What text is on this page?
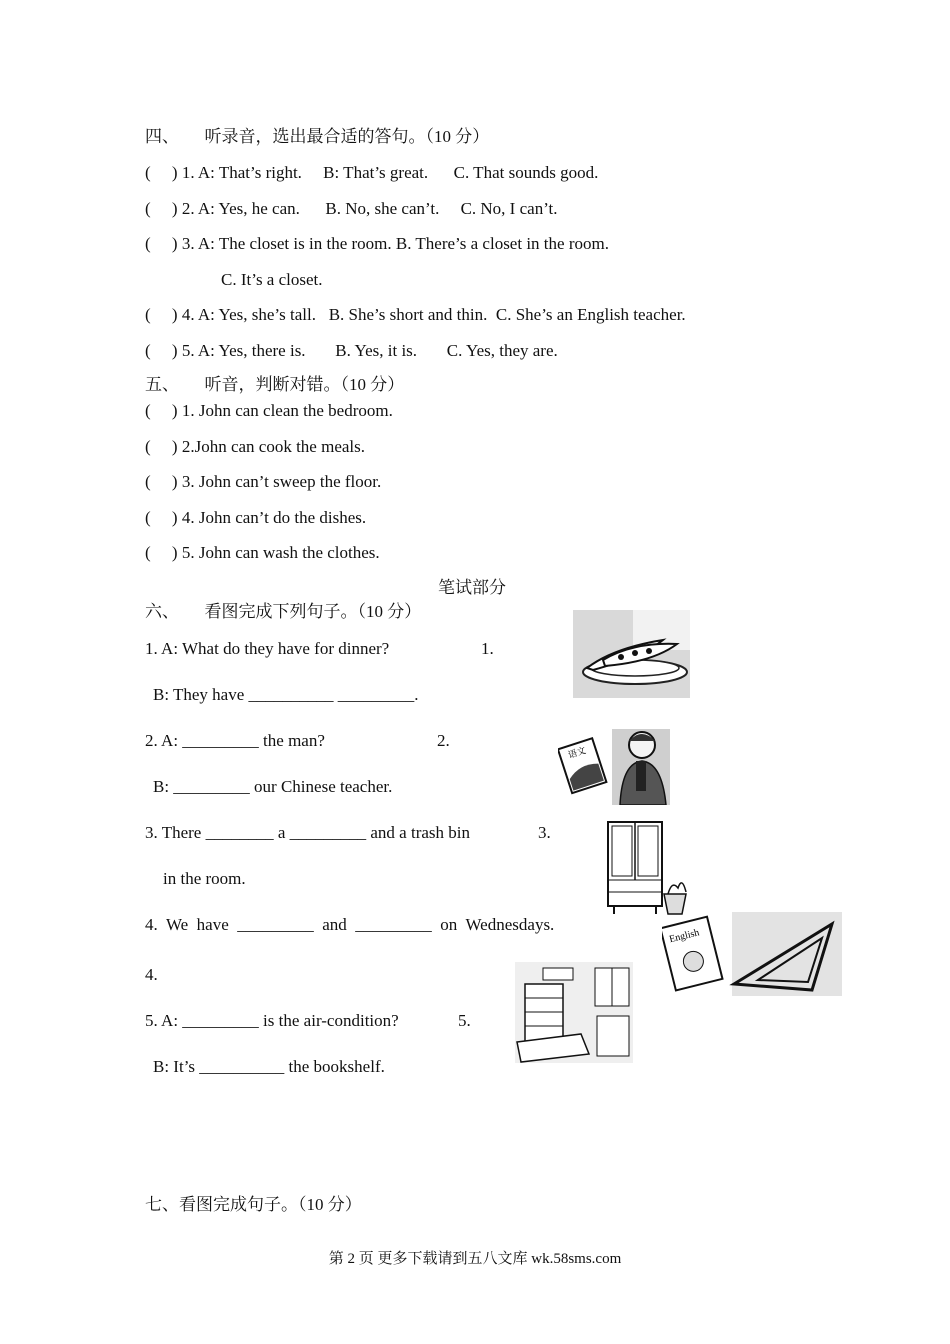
四、      听录音，选出最合适的答句。（10 分）
(     ) 1. A: That’s right.     B: That’s great.      C. That sounds good.
(     ) 2. A: Yes, he can.      B. No, she can’t.     C. No, I can’t.
(     ) 3. A: The closet is in the room. B. There’s a closet in the room.
C. It’s a closet.
(     ) 4. A: Yes, she’s tall.   B. She’s short and thin.  C. She’s an English teacher.
(     ) 5. A: Yes, there is.       B. Yes, it is.       C. Yes, they are.
五、      听音，判断对错。（10 分）
(     ) 1. John can clean the bedroom.
(     ) 2.John can cook the meals.
(     ) 3. John can’t sweep the floor.
(     ) 4. John can’t do the dishes.
(     ) 5. John can wash the clothes.
笔试部分
六、      看图完成下列句子。（10 分）
1. A: What do they have for dinner?	1.
B: They have __________ _________.
2. A: _________ the man?	2.
B: _________ our Chinese teacher.
3. There ________ a _________ and a trash bin	3.
in the room.
4.  We  have  _________  and  _________  on  Wednesdays.
4.
5. A: _________ is the air-condition?	5.
B: It’s __________ the bookshelf.
七、看图完成句子。（10 分）
语文
English
第 2 页 更多下载请到五八文库 wk.58sms.com
